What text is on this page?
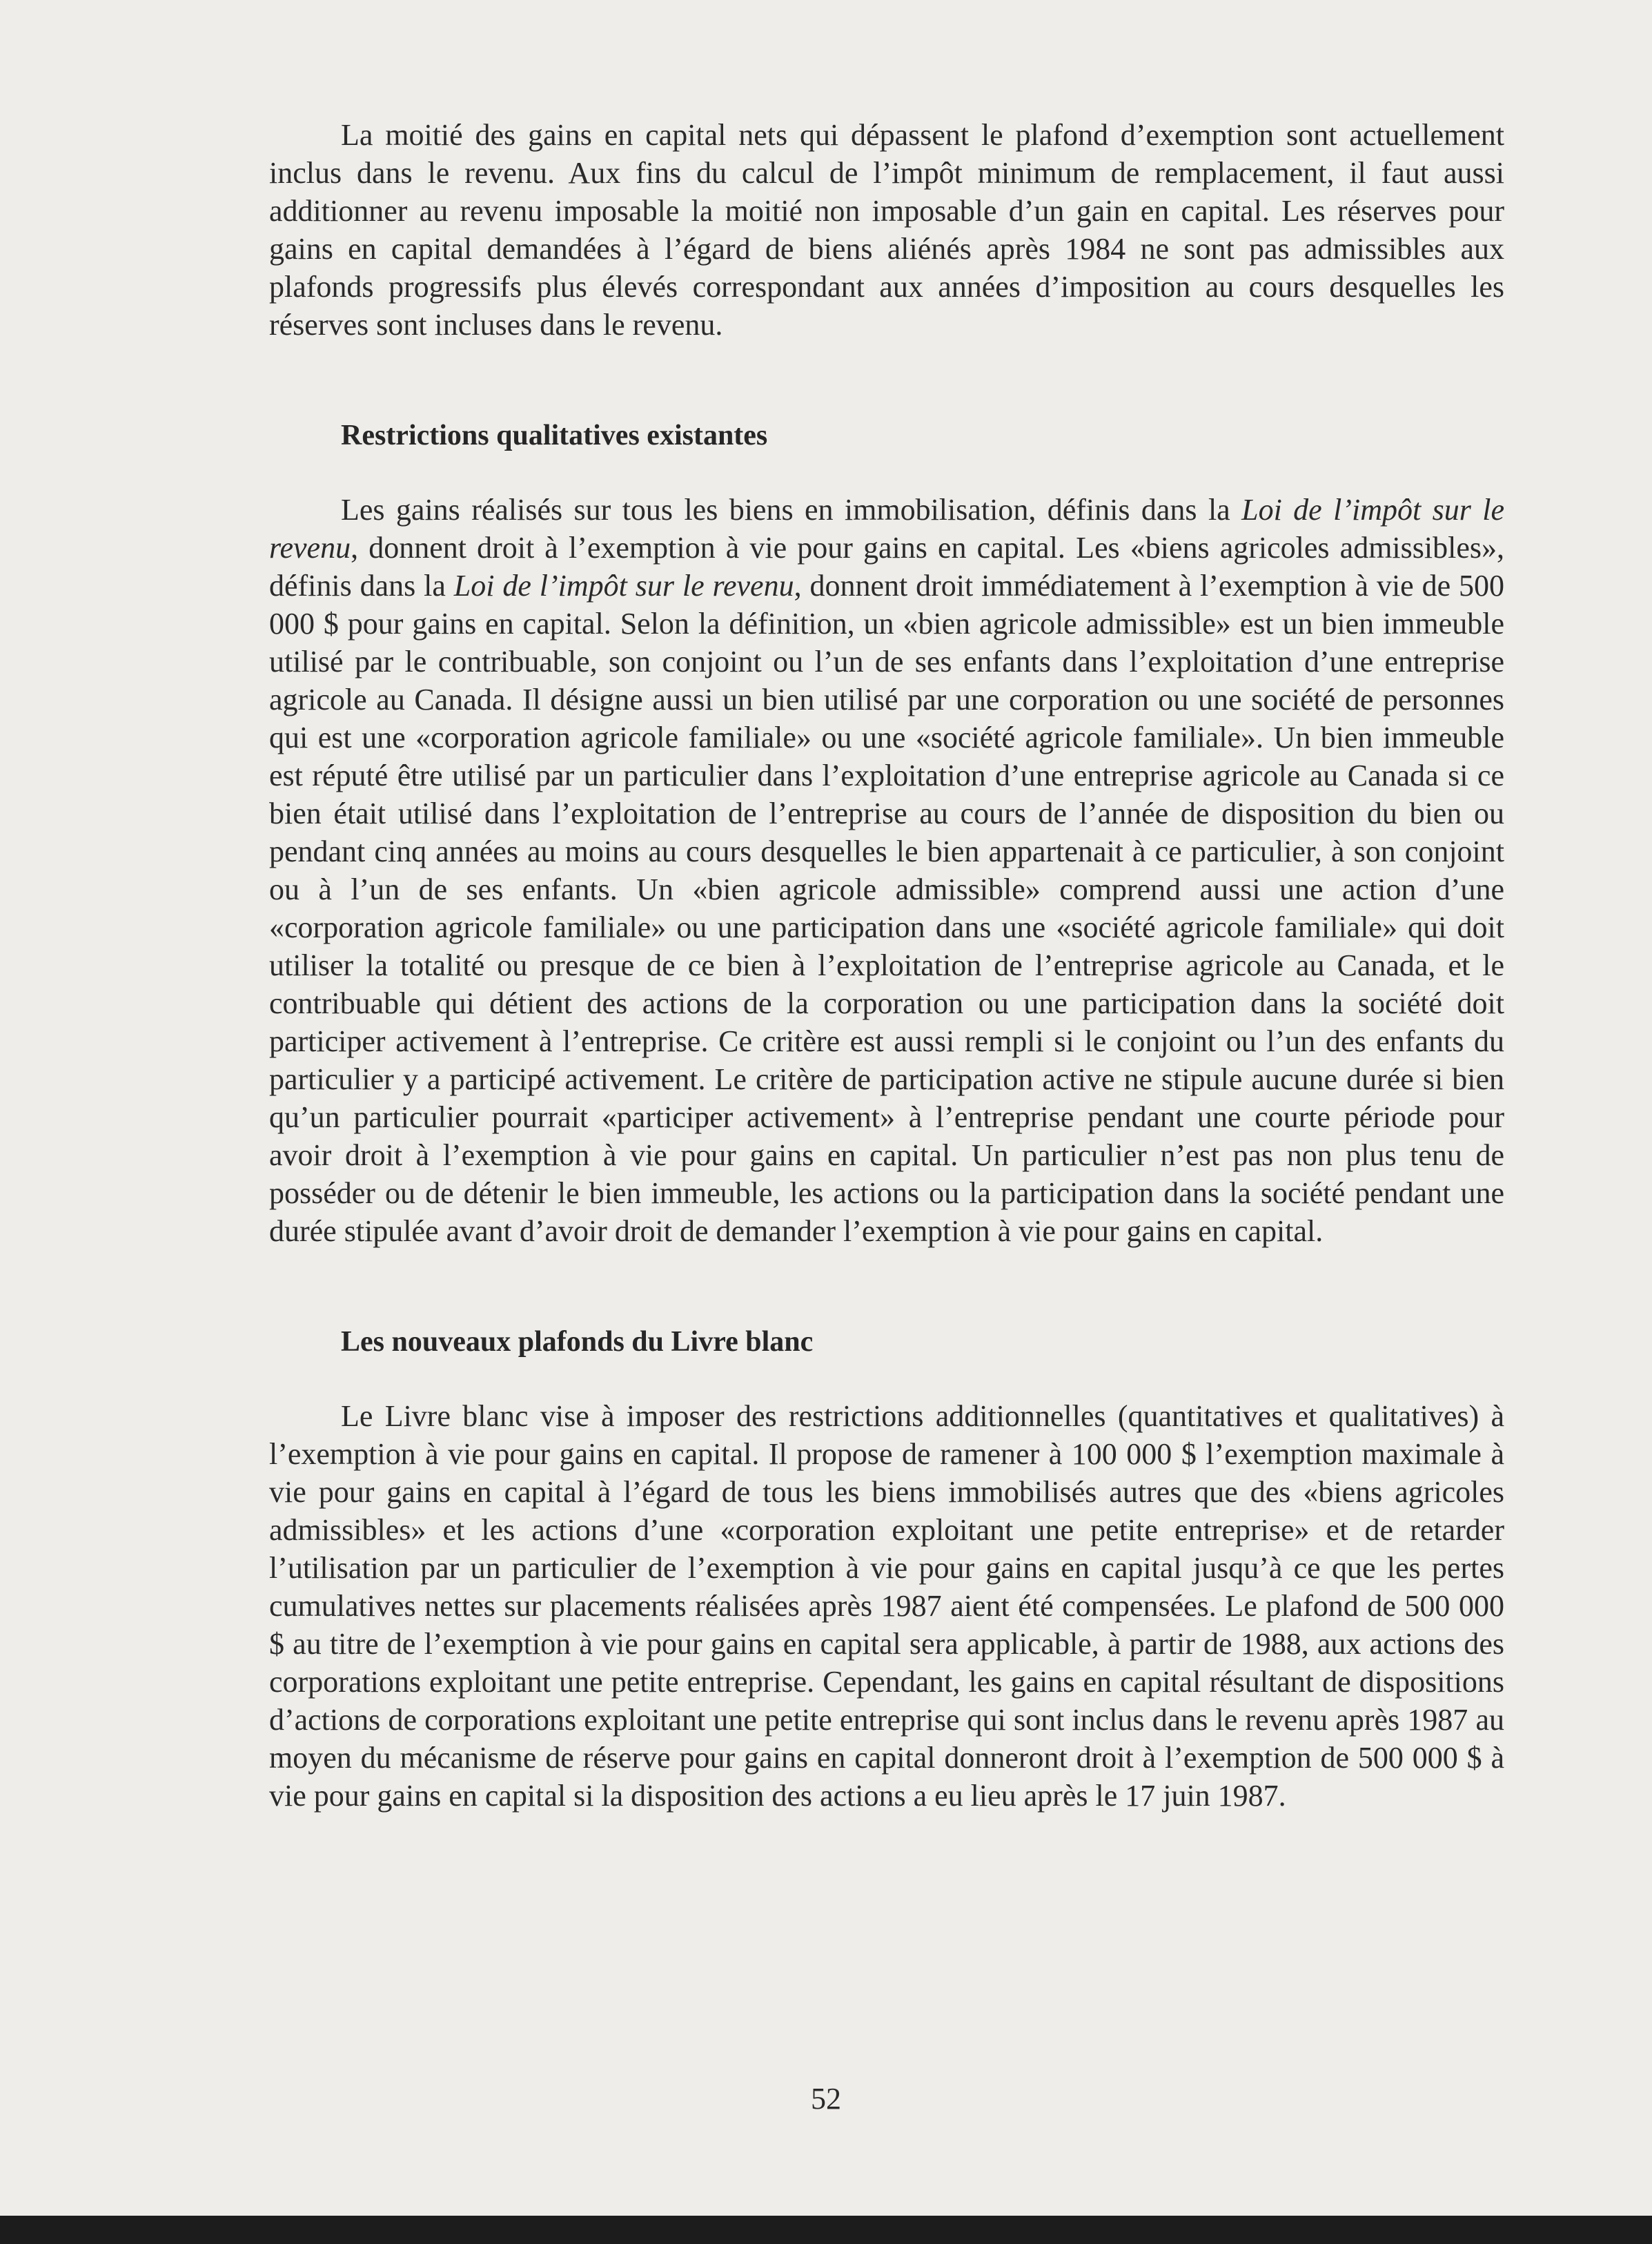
La moitié des gains en capital nets qui dépassent le plafond d’exemption sont actuellement inclus dans le revenu. Aux fins du calcul de l’impôt minimum de remplacement, il faut aussi additionner au revenu imposable la moitié non imposable d’un gain en capital. Les réserves pour gains en capital demandées à l’égard de biens aliénés après 1984 ne sont pas admissibles aux plafonds progressifs plus élevés correspondant aux années d’imposition au cours desquelles les réserves sont incluses dans le revenu.

Restrictions qualitatives existantes

Les gains réalisés sur tous les biens en immobilisation, définis dans la Loi de l’impôt sur le revenu, donnent droit à l’exemption à vie pour gains en capital. Les «biens agricoles admissibles», définis dans la Loi de l’impôt sur le revenu, donnent droit immédiatement à l’exemption à vie de 500 000 $ pour gains en capital. Selon la définition, un «bien agricole admissible» est un bien immeuble utilisé par le contribuable, son conjoint ou l’un de ses enfants dans l’exploitation d’une entreprise agricole au Canada. Il désigne aussi un bien utilisé par une corporation ou une société de personnes qui est une «corporation agricole familiale» ou une «société agricole familiale». Un bien immeuble est réputé être utilisé par un particulier dans l’exploitation d’une entreprise agricole au Canada si ce bien était utilisé dans l’exploitation de l’entreprise au cours de l’année de disposition du bien ou pendant cinq années au moins au cours desquelles le bien appartenait à ce particulier, à son conjoint ou à l’un de ses enfants. Un «bien agricole admissible» comprend aussi une action d’une «corporation agricole familiale» ou une participation dans une «société agricole familiale» qui doit utiliser la totalité ou presque de ce bien à l’exploitation de l’entreprise agricole au Canada, et le contribuable qui détient des actions de la corporation ou une participation dans la société doit participer activement à l’entreprise. Ce critère est aussi rempli si le conjoint ou l’un des enfants du particulier y a participé activement. Le critère de participation active ne stipule aucune durée si bien qu’un particulier pourrait «participer activement» à l’entreprise pendant une courte période pour avoir droit à l’exemption à vie pour gains en capital. Un particulier n’est pas non plus tenu de posséder ou de détenir le bien immeuble, les actions ou la participation dans la société pendant une durée stipulée avant d’avoir droit de demander l’exemption à vie pour gains en capital.

Les nouveaux plafonds du Livre blanc

Le Livre blanc vise à imposer des restrictions additionnelles (quantitatives et qualitatives) à l’exemption à vie pour gains en capital. Il propose de ramener à 100 000 $ l’exemption maximale à vie pour gains en capital à l’égard de tous les biens immobilisés autres que des «biens agricoles admissibles» et les actions d’une «corporation exploitant une petite entreprise» et de retarder l’utilisation par un particulier de l’exemption à vie pour gains en capital jusqu’à ce que les pertes cumulatives nettes sur placements réalisées après 1987 aient été compensées. Le plafond de 500 000 $ au titre de l’exemption à vie pour gains en capital sera applicable, à partir de 1988, aux actions des corporations exploitant une petite entreprise. Cependant, les gains en capital résultant de dispositions d’actions de corporations exploitant une petite entreprise qui sont inclus dans le revenu après 1987 au moyen du mécanisme de réserve pour gains en capital donneront droit à l’exemption de 500 000 $ à vie pour gains en capital si la disposition des actions a eu lieu après le 17 juin 1987.

52
